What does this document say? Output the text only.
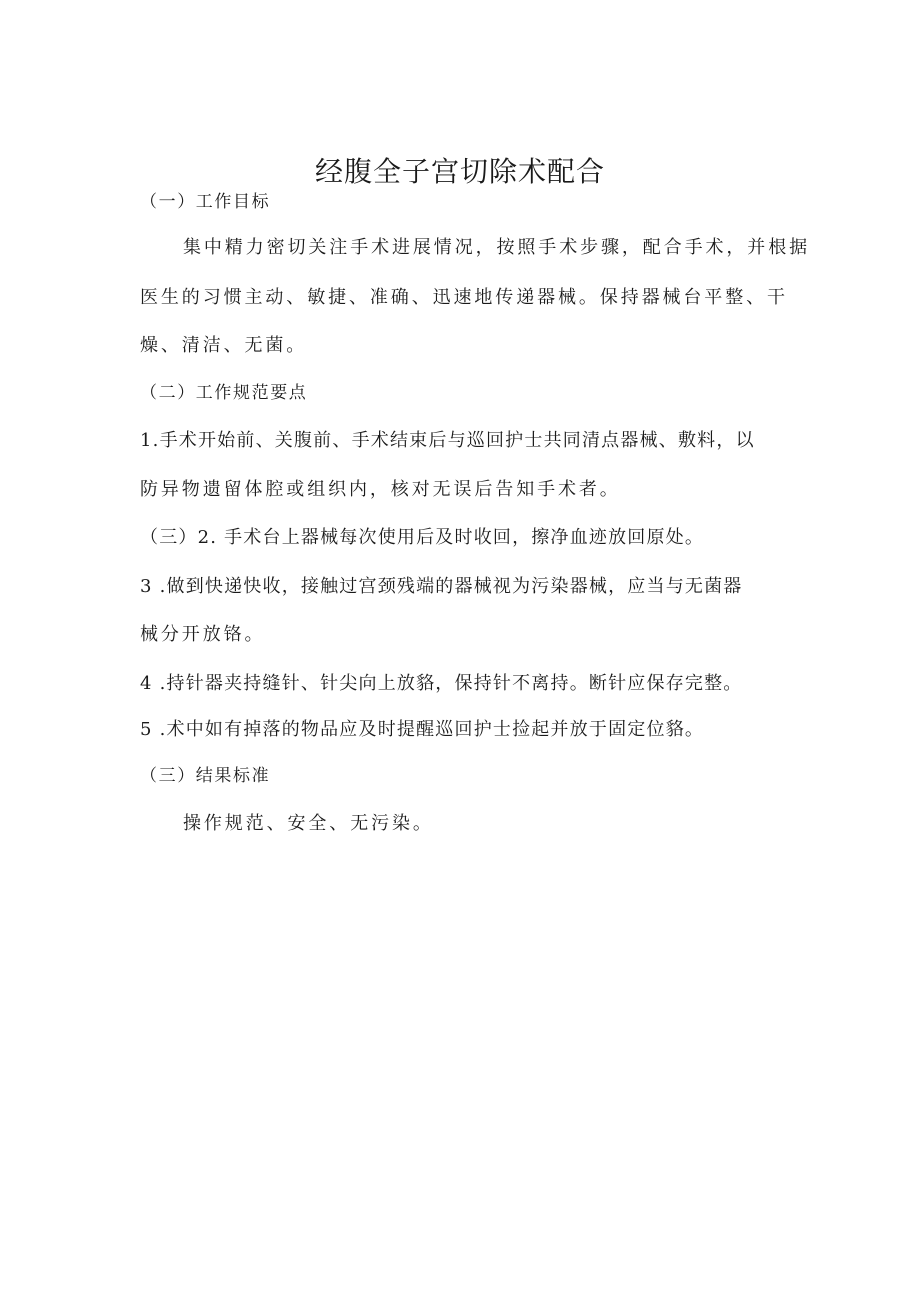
经腹全子宫切除术配合
（一）工作目标
集中精力密切关注手术进展情况，按照手术步骤，配合手术，并根据
医生的习惯主动、敏捷、准确、迅速地传递器械。保持器械台平整、干
燥、清洁、无菌。
（二）工作规范要点
1.手术开始前、关腹前、手术结束后与巡回护士共同清点器械、敷料，以
防异物遗留体腔或组织内，核对无误后告知手术者。
（三）2. 手术台上器械每次使用后及时收回，擦净血迹放回原处。
3 .做到快递快收，接触过宫颈残端的器械视为污染器械，应当与无菌器
械分开放铬。
4 .持针器夹持缝针、针尖向上放貉，保持针不离持。断针应保存完整。
5 .术中如有掉落的物品应及时提醒巡回护士捡起并放于固定位貉。
（三）结果标准
操作规范、安全、无污染。
